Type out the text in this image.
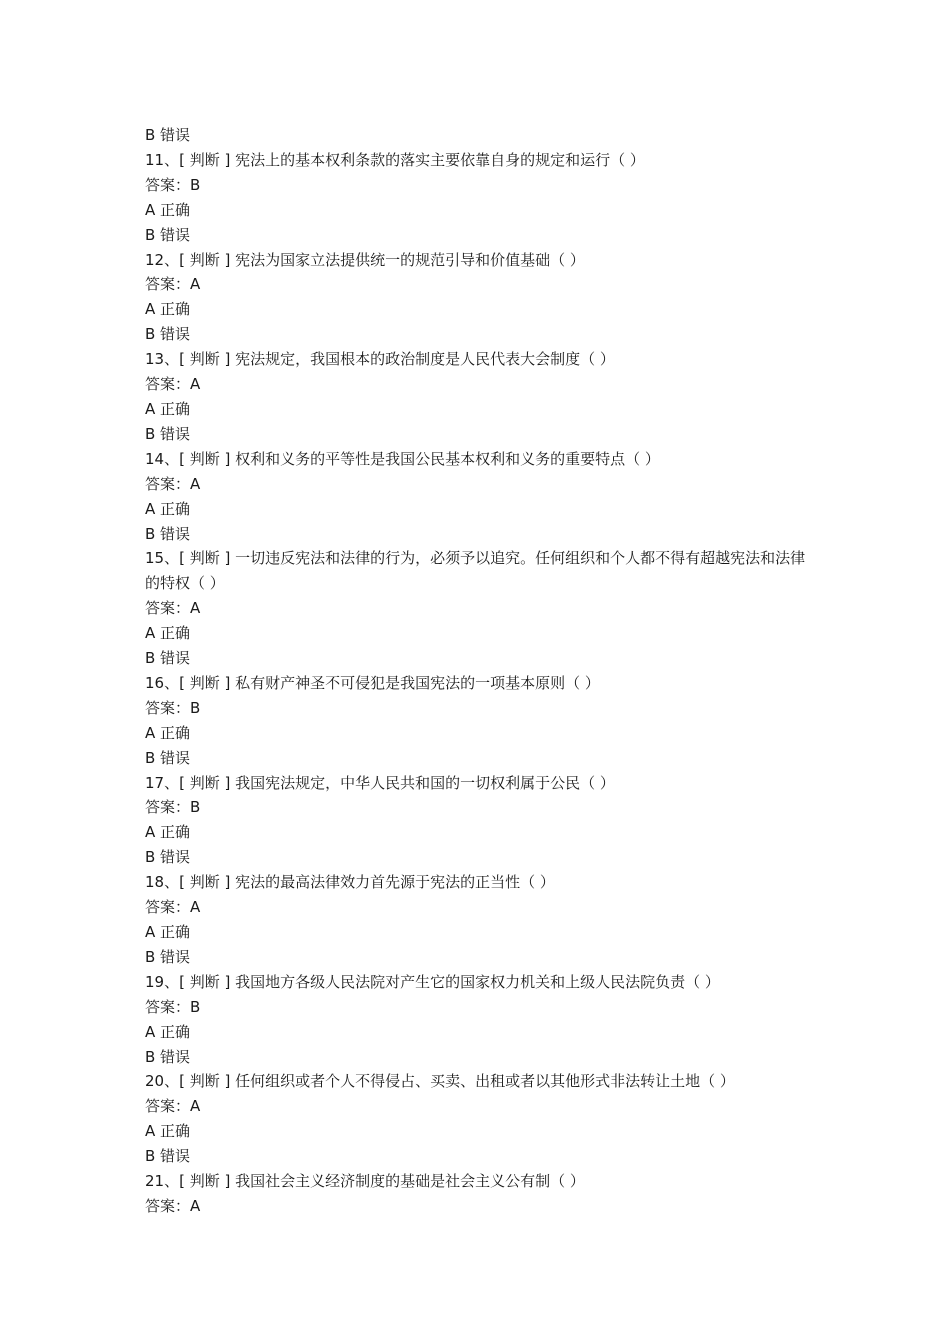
B 错误

11、[ 判断 ] 宪法上的基本权利条款的落实主要依靠自身的规定和运行（ ）

答案：B

A 正确

B 错误

12、[ 判断 ] 宪法为国家立法提供统一的规范引导和价值基础（ ）

答案：A

A 正确

B 错误

13、[ 判断 ] 宪法规定，我国根本的政治制度是人民代表大会制度（ ）

答案：A

A 正确

B 错误

14、[ 判断 ] 权利和义务的平等性是我国公民基本权利和义务的重要特点（ ）

答案：A

A 正确

B 错误

15、[ 判断 ] 一切违反宪法和法律的行为，必须予以追究。任何组织和个人都不得有超越宪法和法律的特权（ ）

答案：A

A 正确

B 错误

16、[ 判断 ] 私有财产神圣不可侵犯是我国宪法的一项基本原则（ ）

答案：B

A 正确

B 错误

17、[ 判断 ] 我国宪法规定，中华人民共和国的一切权利属于公民（ ）

答案：B

A 正确

B 错误

18、[ 判断 ] 宪法的最高法律效力首先源于宪法的正当性（ ）

答案：A

A 正确

B 错误

19、[ 判断 ] 我国地方各级人民法院对产生它的国家权力机关和上级人民法院负责（ ）

答案：B

A 正确

B 错误

20、[ 判断 ] 任何组织或者个人不得侵占、买卖、出租或者以其他形式非法转让土地（ ）

答案：A

A 正确

B 错误

21、[ 判断 ] 我国社会主义经济制度的基础是社会主义公有制（ ）

答案：A
